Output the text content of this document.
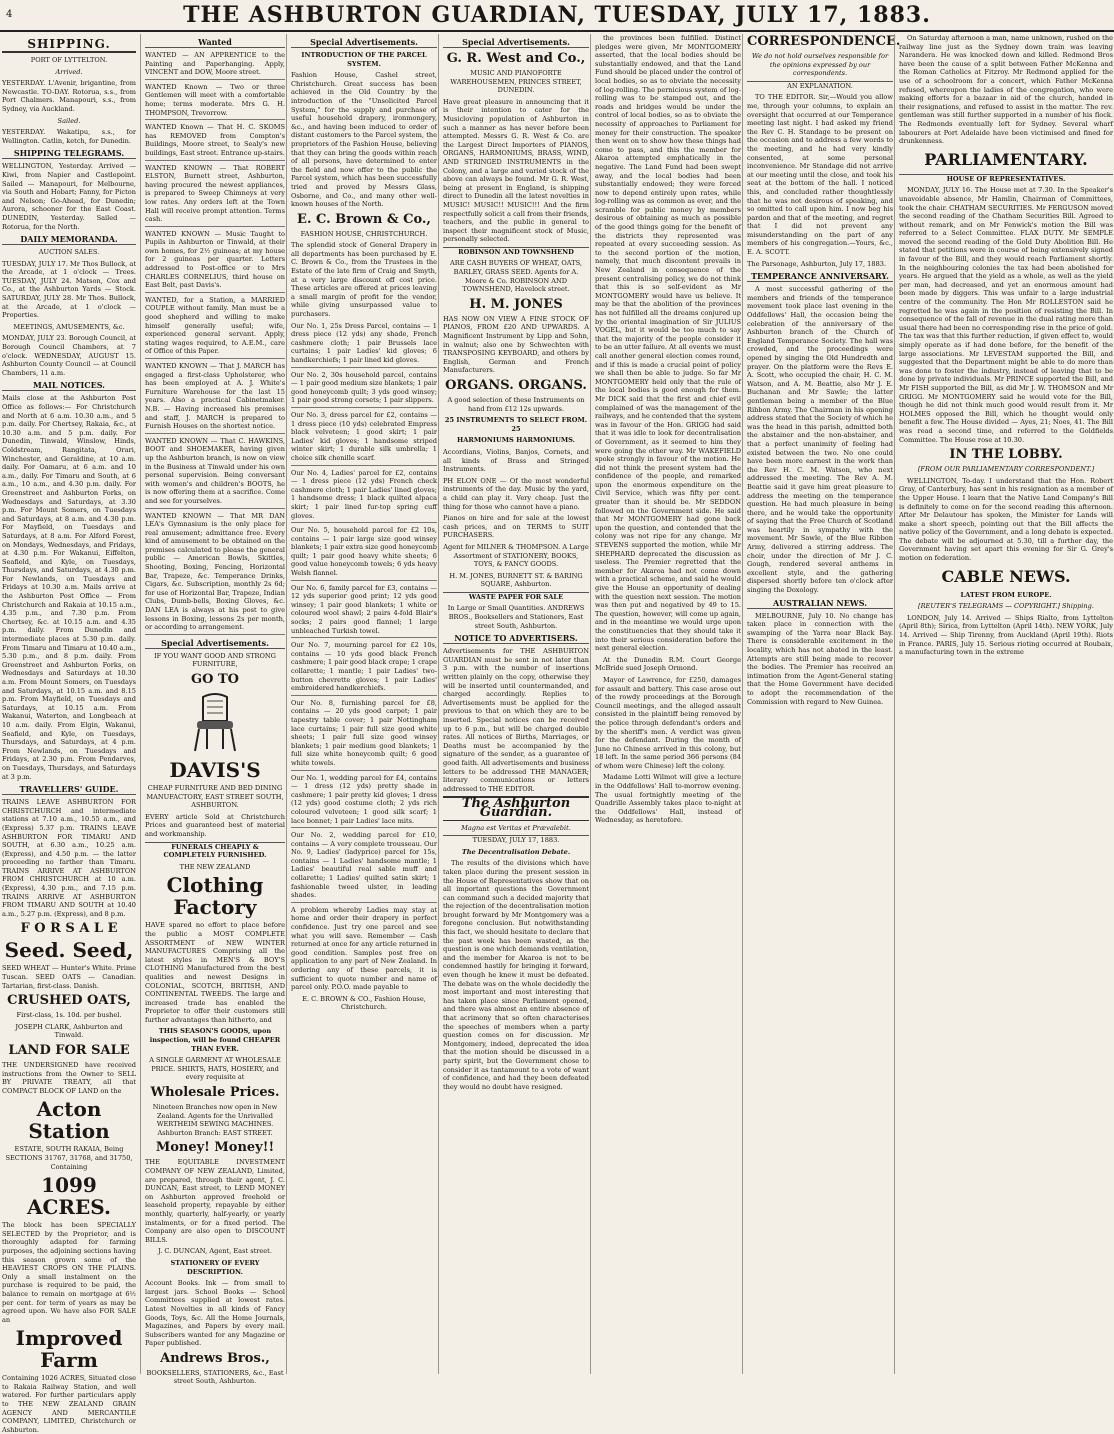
4	THE ASHBURTON GUARDIAN, TUESDAY, JULY 17, 1883.
SHIPPING.
PORT OF LYTTELTON.
Arrived.
YESTERDAY. L'Avenir, brigantine, from Newcastle. TO-DAY. Rotorua, s.s., from Port Chalmers. Manapouri, s.s., from Sydney, via Auckland.
Sailed.
YESTERDAY. Wakatipu, s.s., for Wellington. Catlin, ketch, for Dunedin.
SHIPPING TELEGRAMS.
WELLINGTON, Yesterday. Arrived — Kiwi, from Napier and Castlepoint. Sailed — Manapouri, for Melbourne, via South and Hobart; Fanny, for Picton and Nelson; Go-Ahead, for Dunedin; Aurora, schooner for the East Coast. DUNEDIN, Yesterday. Sailed — Rotorua, for the North.
DAILY MEMORANDA.
AUCTION SALES.
TUESDAY, JULY 17. Mr Thos Bullock, at the Arcade, at 1 o'clock — Trees. TUESDAY, JULY 24. Matson, Cox and Co., at the Ashburton Yards — Stock. SATURDAY, JULY 28. Mr Thos. Bullock, at the Arcade, at 1 o'clock — Properties.
MEETINGS, AMUSEMENTS, &c.
MONDAY, JULY 23. Borough Council, at Borough Council Chambers, at 7 o'clock. WEDNESDAY, AUGUST 15. Ashburton County Council — at Council Chambers, 11 a.m.
MAIL NOTICES.
Mails close at the Ashburton Post Office as follows:— For Christchurch and North at 6 a.m. 10.30 a.m., and 5 p.m. daily. For Chertsey, Rakaia, &c., at 10.30 a.m. and 5 p.m. daily. For Dunedin, Tinwald, Winslow, Hinds, Coldstream, Rangitata, Orari, Winchester, and Geraldine, at 10 a.m. daily. For Oamaru, at 6 a.m. and 10 a.m., daily. For Timaru and South, at 6 a.m., 10 a.m., and 4.30 p.m. daily. For Greenstreet and Ashburton Forks, on Wednesdays and Saturdays, at 3.30 p.m. For Mount Somers, on Tuesdays and Saturdays, at 8 a.m. and 4.30 p.m. For Mayfield, on Tuesdays and Saturdays, at 8 a.m. For Alford Forest, on Mondays, Wednesdays, and Fridays, at 4.30 p.m. For Wakanui, Eiffelton, Seafield, and Kyle, on Tuesdays, Thursdays, and Saturdays, at 4.30 p.m. For Newlands, on Tuesdays and Fridays at 10.30 a.m. Mails arrive at the Ashburton Post Office — From Christchurch and Rakaia at 10.15 a.m., 4.35 p.m., and 7.30 p.m. From Chertsey, &c. at 10.15 a.m. and 4.35 p.m. daily. From Dunedin and intermediate places at 5.30 p.m. daily. From Timaru and Timaru at 10.40 a.m., 5.30 p.m., and 8 p.m. daily. From Greenstreet and Ashburton Forks, on Wednesdays and Saturdays at 10.30 a.m. From Mount Somers, on Tuesdays and Saturdays, at 10.15 a.m. and 8.15 p.m. From Mayfield, on Tuesdays and Saturdays, at 10.15 a.m. From Wakanui, Waterton, and Longbeach at 10 a.m. daily. From Elgin, Wakanui, Seafield, and Kyle, on Tuesdays, Thursdays, and Saturdays, at 4 p.m. From Newlands, on Tuesdays and Fridays, at 2.30 p.m. From Pendarves, on Tuesdays, Thursdays, and Saturdays at 3 p.m.
TRAVELLERS' GUIDE.
TRAINS LEAVE ASHBURTON FOR CHRISTCHURCH and intermediate stations at 7.10 a.m., 10.55 a.m., and (Express) 5.37 p.m. TRAINS LEAVE ASHBURTON FOR TIMARU AND SOUTH, at 6.30 a.m., 10.25 a.m. (Express), and 4.50 p.m. — the latter proceeding no farther than Timaru. TRAINS ARRIVE AT ASHBURTON FROM CHRISTCHURCH at 10 a.m. (Express), 4.30 p.m., and 7.15 p.m. TRAINS ARRIVE AT ASHBURTON FROM TIMARU AND SOUTH at 10.40 a.m., 5.27 p.m. (Express), and 8 p.m.
F O R S A L E
Seed. Seed,
SEED WHEAT — Hunter's White. Prime Tuscan. SEED OATS — Canadian. Tartarian, first-class. Danish.
CRUSHED OATS,
First-class, 1s. 10d. per bushel.
JOSEPH CLARK, Ashburton and Tinwald.
LAND FOR SALE
THE UNDERSIGNED have received instructions from the Owner to SELL BY PRIVATE TREATY, all that COMPACT BLOCK OF LAND on the
Acton Station
ESTATE, SOUTH RAKAIA, Being SECTIONS 31767, 31768, and 31750, Containing
1099 ACRES.
The block has been SPECIALLY SELECTED by the Proprietor, and is thoroughly adapted for farming purposes, the adjoining sections having this season grown some of the HEAVIEST CROPS ON THE PLAINS. Only a small instalment on the purchase is required to be paid, the balance to remain on mortgage at 6½ per cent. for term of years as may be agreed upon. We have also FOR SALE an
Improved Farm
Containing 1026 ACRES, Situated close to Rakaia Railway Station, and well watered. For further particulars apply to THE NEW ZEALAND GRAIN AGENCY AND MERCANTILE COMPANY, LIMITED, Christchurch or Ashburton.
Wanted
WANTED — AN APPRENTICE to the Painting and Paperhanging. Apply, VINCENT and DOW, Moore street.
WANTED Known — Two or three Gentlemen will meet with a comfortable home; terms moderate. Mrs G. H. THOMPSON, Trevorrow.
WANTED Known — That H. C. SKOMS has REMOVED from Compton's Buildings, Moore street, to Sealy's new buildings, East street. Entrance up-stairs.
WANTED KNOWN — That ROBERT ELSTON, Burnett street, Ashburton, having procured the newest appliances, is prepared to Sweep Chimneys at very low rates. Any orders left at the Town Hall will receive prompt attention. Terms cash.
WANTED KNOWN — Music Taught to Pupils in Ashburton or Tinwald, at their own homes, for 2½ guineas; at my house for 2 guineas per quarter. Letters addressed to Post-office or to Mrs CHARLES CORNELIUS, third house on East Belt, past Davis's.
WANTED, for a Station, a MARRIED COUPLE without family. Man must be a good shepherd and willing to make himself generally useful; wife, experienced general servant. Apply, stating wages required, to A.E.M., care of Office of this Paper.
WANTED KNOWN — That J. MARCH has engaged a first-class Upholsterer, who has been employed at A. J. White's Furniture Warehouse for the last 15 years. Also a practical Cabinetmaker. N.B. — Having increased his premises and staff, J. MARCH is prepared to Furnish Houses on the shortest notice.
WANTED KNOWN — That C. HAWKINS, BOOT and SHOEMAKER, having given up the Ashburton branch, is now on view in the Business at Tinwald under his own personal supervision. Being conversant with women's and children's BOOTS, he is now offering them at a sacrifice. Come and see for yourselves.
WANTED KNOWN — That MR DAN LEA's Gymnasium is the only place for real amusement; admittance free. Every kind of amusement to be obtained on the premises calculated to please the general public — American Bowls, Skittles, Shooting, Boxing, Fencing, Horizontal Bar, Trapeze, &c. Temperance Drinks, Cigars, &c. Subscription, monthly 2s 6d; for use of Horizontal Bar, Trapeze, Indian Clubs, Dumb-bells, Boxing Gloves, &c. DAN LEA is always at his post to give lessons in Boxing, lessons 2s per month, or according to arrangement.
Special Advertisements.
IF YOU WANT GOOD AND STRONG FURNITURE,
GO TO
DAVIS'S
CHEAP FURNITURE AND BED DINING MANUFACTORY, EAST STREET SOUTH, ASHBURTON.
EVERY article Sold at Christchurch Prices and guaranteed best of material and workmanship.
FUNERALS CHEAPLY & COMPLETELY FURNISHED.
THE NEW ZEALAND
Clothing Factory
HAVE spared no effort to place before the public a MOST COMPLETE ASSORTMENT of NEW WINTER MANUFACTURES Comprising all the latest styles in MEN'S & BOY'S CLOTHING Manufactured from the best qualities and newest Designs in COLONIAL, SCOTCH, BRITISH, AND CONTINENTAL TWEEDS. The large and increased trade has enabled the Proprietor to offer their customers still further advantages than hitherto, and
THIS SEASON'S GOODS, upon inspection, will be found CHEAPER THAN EVER.
A SINGLE GARMENT AT WHOLESALE PRICE. SHIRTS, HATS, HOSIERY, and every requisite at
Wholesale Prices.
Nineteen Branches now open in New Zealand. Agents for the Unrivalled WERTHEIM SEWING MACHINES. Ashburton Branch: EAST STREET.
Money! Money!!
THE EQUITABLE INVESTMENT COMPANY OF NEW ZEALAND, Limited, are prepared, through their agent, J. C. DUNCAN, East street, to LEND MONEY on Ashburton approved freehold or leasehold property, repayable by either monthly, quarterly, half-yearly, or yearly instalments, or for a fixed period. The Company are also open to DISCOUNT BILLS.
J. C. DUNCAN, Agent, East street.
STATIONERY OF EVERY DESCRIPTION.
Account Books. Ink — from small to largest jars. School Books — School Committees supplied at lowest rates. Latest Novelties in all kinds of Fancy Goods, Toys, &c. All the Home Journals, Magazines, and Papers by every mail. Subscribers wanted for any Magazine or Paper published.
Andrews Bros.,
BOOKSELLERS, STATIONERS, &c., East street South, Ashburton.
Special Advertisements.
INTRODUCTION OF THE PARCEL SYSTEM.
Fashion House, Cashel street, Christchurch. Great success has been achieved in the Old Country by the introduction of the "Unsolicited Parcel System," for the supply and purchase of useful household drapery, ironmongery, &c., and having been induced to order of distant customers to the Parcel system, the proprietors of the Fashion House, believing that they can bring the goods within reach of all persons, have determined to enter the field and now offer to the public the Parcel system, which has been successfully tried and proved by Messrs Glass, Osborne, and Co., and many other well-known houses of the North.
E. C. Brown & Co.,
FASHION HOUSE, CHRISTCHURCH.
The splendid stock of General Drapery in all departments has been purchased by E. C. Brown & Co., from the Trustees in the Estate of the late firm of Craig and Smyth, at a very large discount off cost price. These articles are offered at prices leaving a small margin of profit for the vendor, while giving unsurpassed value to purchasers.
Our No. 1, 25s Dress Parcel, contains — 1 dress piece (12 yds) any shade, French cashmere cloth; 1 pair Brussels lace curtains; 1 pair Ladies' kid gloves; 6 handkerchiefs; 1 pair lined kid gloves.
Our No. 2, 30s household parcel, contains — 1 pair good medium size blankets; 1 pair good honeycomb quilt; 3 yds good winsey; 1 pair good strong corsets; 1 pair slippers.
Our No. 3, dress parcel for £2, contains — 1 dress piece (10 yds) celebrated Empress black velveteen; 1 good skirt; 1 pair Ladies' kid gloves; 1 handsome striped winter skirt; 1 durable silk umbrella; 1 choice silk chenille scarf.
Our No. 4, Ladies' parcel for £2, contains — 1 dress piece (12 yds) French check cashmere cloth; 1 pair Ladies' lined gloves; 1 handsome dress; 1 black quilted alpaca skirt; 1 pair lined fur-top spring cuff gloves.
Our No. 5, household parcel for £2 10s, contains — 1 pair large size good winsey blankets; 1 pair extra size good honeycomb quilt; 1 pair good heavy white sheets; 6 good value honeycomb towels; 6 yds heavy Welsh flannel.
Our No. 6, family parcel for £3, contains — 12 yds superior good print; 12 yds good winsey; 1 pair good blankets; 1 white or coloured wool shawl; 2 pairs 4-fold Blair's socks; 2 pairs good flannel; 1 large unbleached Turkish towel.
Our No. 7, mourning parcel for £2 10s, contains — 10 yds good black French cashmere; 1 pair good black crape; 1 crape collarette; 1 mantle; 1 pair Ladies' two-button chevrette gloves; 1 pair Ladies' embroidered handkerchiefs.
Our No. 8, furnishing parcel for £8, contains — 20 yds good carpet; 1 pair tapestry table cover; 1 pair Nottingham lace curtains; 1 pair full size good white sheets; 1 pair full size good winsey blankets; 1 pair medium good blankets; 1 full size white honeycomb quilt; 6 good white towels.
Our No. 1, wedding parcel for £4, contains — 1 dress (12 yds) pretty shade in cashmere; 1 pair pretty kid gloves; 1 dress (12 yds) good costume cloth; 2 yds rich coloured velveteen; 1 good silk scarf; 1 lace bonnet; 1 pair Ladies' lace mits.
Our No. 2, wedding parcel for £10, contains — A very complete trousseau. Our No. 9, Ladies' (ladyprice) parcel for 15s, contains — 1 Ladies' handsome mantle; 1 Ladies' beautiful real sable muff and collarette; 1 Ladies' quilted satin skirt; 1 fashionable tweed ulster, in leading shades.
A problem whereby Ladies may stay at home and order their drapery in perfect confidence. Just try one parcel and see what you will save. Remember — Cash returned at once for any article returned in good condition. Samples post free on application to any part of New Zealand. In ordering any of these parcels, it is sufficient to quote number and name of parcel only. P.O.O. made payable to
E. C. BROWN & CO., Fashion House, Christchurch.
Special Advertisements.
G. R. West and Co.,
MUSIC AND PIANOFORTE WAREHOUSEMEN, PRINCES STREET, DUNEDIN.
Have great pleasure in announcing that it is their intention to cater for the Musicloving population of Ashburton in such a manner as has never before been attempted. Messrs G. R. West & Co. are the Largest Direct Importers of PIANOS, ORGANS, HARMONIUMS, BRASS, WIND, AND STRINGED INSTRUMENTS in the Colony, and a large and varied stock of the above can always be found. Mr G. R. West, being at present in England, is shipping direct to Dunedin all the latest novelties in MUSIC! MUSIC!! MUSIC!!! And the firm respectfully solicit a call from their friends, teachers, and the public in general to inspect their magnificent stock of Music, personally selected.
ROBINSON AND TOWNSHEND
ARE CASH BUYERS OF WHEAT, OATS, BARLEY, GRASS SEED. Agents for A. Moore & Co. ROBINSON AND TOWNSHEND, Havelock street.
H. M. JONES
HAS NOW ON VIEW A FINE STOCK OF PIANOS, FROM £20 AND UPWARDS. A Magnificent Instrument by Lipp and Sohn, in walnut; also one by Schwechten with TRANSPOSING KEYBOARD, and others by English, German and French Manufacturers.
ORGANS. ORGANS.
A good selection of these Instruments on hand from £12 12s upwards.
25 INSTRUMENTS TO SELECT FROM. 25
HARMONIUMS HARMONIUMS.
Accordians, Violins, Banjos, Cornets, and all kinds of Brass and Stringed Instruments.
PH ELON ONE — Of the most wonderful instruments of the day. Music by the yard, a child can play it. Very cheap. Just the thing for those who cannot have a piano.
Pianos on hire and for sale at the lowest cash prices, and on TERMS to SUIT PURCHASERS.
Agent for MILNER & THOMPSON. A Large Assortment of STATIONERY, BOOKS, TOYS, & FANCY GOODS.
H. M. JONES, BURNETT ST. & BARING SQUARE, Ashburton.
WASTE PAPER FOR SALE
In Large or Small Quantities. ANDREWS BROS., Booksellers and Stationers, East street South, Ashburton.
NOTICE TO ADVERTISERS.
Advertisements for THE ASHBURTON GUARDIAN must be sent in not later than 3 p.m. with the number of insertions written plainly on the copy, otherwise they will be inserted until countermanded, and charged accordingly. Replies to Advertisements must be applied for the previous to that on which they are to be inserted. Special notices can be received up to 6 p.m., but will be charged double rates. All notices of Births, Marriages, or Deaths must be accompanied by the signature of the sender, as a guarantee of good faith. All advertisements and business letters to be addressed THE MANAGER; literary communications or letters addressed to THE EDITOR.
The Ashburton Guardian.
Magna est Veritas et Prævalebit.
TUESDAY, JULY 17, 1883.
The Decentralisation Debate.
The results of the divisions which have taken place during the present session in the House of Representatives show that on all important questions the Government can command such a decided majority that the rejection of the decentralisation motion brought forward by Mr Montgomery was a foregone conclusion. But notwithstanding this fact, we should hesitate to declare that the past week has been wasted, as the question is one which demands ventilation, and the member for Akaroa is not to be condemned hastily for bringing it forward, even though he knew it must be defeated. The debate was on the whole decidedly the most important and most interesting that has taken place since Parliament opened, and there was almost an entire absence of that acrimony that so often characterises the speeches of members when a party question comes on for discussion. Mr Montgomery, indeed, deprecated the idea that the motion should be discussed in a party spirit, but the Government chose to consider it as tantamount to a vote of want of confidence, and had they been defeated they would no doubt have resigned.
the provinces been fulfilled. Distinct pledges were given, Mr MONTGOMERY asserted, that the local bodies should be substantially endowed, and that the Land Fund should be placed under the control of local bodies, so as to obviate the necessity of log-rolling. The pernicious system of log-rolling was to be stamped out, and the roads and bridges would be under the control of local bodies, so as to obviate the necessity of approaches to Parliament for money for their construction. The speaker then went on to show how these things had come to pass, and this the member for Akaroa attempted emphatically in the negative. The Land Fund had been swept away, and the local bodies had been substantially endowed; they were forced now to depend entirely upon rates, while log-rolling was as common as ever, and the scramble for public money by members desirous of obtaining as much as possible of the good things going for the benefit of the districts they represented was repeated at every succeeding session. As to the second portion of the motion, namely, that much discontent prevails in New Zealand in consequence of the present centralising policy, we do not think that this is so self-evident as Mr MONTGOMERY would have us believe. It may be that the abolition of the provinces has not fulfilled all the dreams conjured up by the oriental imagination of Sir JULIUS VOGEL, but it would be too much to say that the majority of the people consider it to be an utter failure. At all events we must call another general election comes round, and if this is made a crucial point of policy we shall then be able to judge. So far Mr MONTGOMERY held only that the rule of the local bodies is good enough for them. Mr DICK said that the first and chief evil complained of was the management of the railways, and he contended that the system was in favour of the Hon. GRIGG had said that it was idle to look for decentralisation of Government, as it seemed to him they were going the other way. Mr WAKEFIELD spoke strongly in favour of the motion. He did not think the present system had the confidence of the people, and remarked upon the enormous expenditure on the Civil Service, which was fifty per cent. greater than it should be. Mr SEDDON followed on the Government side. He said that Mr MONTGOMERY had gone back upon the question, and contended that the colony was not ripe for any change. Mr STEVENS supported the motion, while Mr SHEPHARD deprecated the discussion as useless. The Premier regretted that the member for Akaroa had not come down with a practical scheme, and said he would give the House an opportunity of dealing with the question next session. The motion was then put and negatived by 49 to 15. The question, however, will come up again, and in the meantime we would urge upon the constituencies that they should take it into their serious consideration before the next general election.
At the Dunedin R.M. Court George McBride sued Joseph Ormond.
Mayor of Lawrence, for £250, damages for assault and battery. This case arose out of the rowdy proceedings at the Borough Council meetings, and the alleged assault consisted in the plaintiff being removed by the police through defendant's orders and by the sheriff's men. A verdict was given for the defendant. During the month of June no Chinese arrived in this colony, but 18 left. In the same period 366 persons (84 of whom were Chinese) left the colony.
Madame Lotti Wilmot will give a lecture in the Oddfellows' Hall to-morrow evening. The usual fortnightly meeting of the Quadrille Assembly takes place to-night at the Oddfellows' Hall, instead of Wednesday, as heretofore.
CORRESPONDENCE.
We do not hold ourselves responsible for the opinions expressed by our correspondents.
AN EXPLANATION.
TO THE EDITOR. Sir,—Would you allow me, through your columns, to explain an oversight that occurred at our Temperance meeting last night. I had asked my friend the Rev C. H. Standage to be present on the occasion and to address a few words to the meeting, and he had very kindly consented, at some personal inconvenience. Mr Standage did not arrive at our meeting until the close, and took his seat at the bottom of the hall. I noticed this, and concluded rather thoughtlessly that he was not desirous of speaking, and so omitted to call upon him. I now beg his pardon and that of the meeting, and regret that I did not prevent any misunderstanding on the part of any members of his congregation.—Yours, &c., E. A. SCOTT.
The Parsonage, Ashburton, July 17, 1883.
TEMPERANCE ANNIVERSARY.
A most successful gathering of the members and friends of the temperance movement took place last evening in the Oddfellows' Hall, the occasion being the celebration of the anniversary of the Ashburton branch of the Church of England Temperance Society. The hall was crowded, and the proceedings were opened by singing the Old Hundredth and prayer. On the platform were the Revs E. A. Scott, who occupied the chair, H. C. M. Watson, and A. M. Beattie, also Mr J. E. Buchanan and Mr Sawle; the latter gentleman being a member of the Blue Ribbon Army. The Chairman in his opening address stated that the Society of which he was the head in this parish, admitted both the abstainer and the non-abstainer, and that a perfect unanimity of feeling had existed between the two. No one could have been more earnest in the work than the Rev H. C. M. Watson, who next addressed the meeting. The Rev A. M. Beattie said it gave him great pleasure to address the meeting on the temperance question. He had much pleasure in being there, and he would take the opportunity of saying that the Free Church of Scotland was heartily in sympathy with the movement. Mr Sawle, of the Blue Ribbon Army, delivered a stirring address. The choir, under the direction of Mr J. C. Gough, rendered several anthems in excellent style, and the gathering dispersed shortly before ten o'clock after singing the Doxology.
AUSTRALIAN NEWS.
MELBOURNE, July 10. No change has taken place in connection with the swamping of the Yarra near Black Bay. There is considerable excitement in the locality, which has not abated in the least. Attempts are still being made to recover the bodies. The Premier has received an intimation from the Agent-General stating that the Home Government have decided to adopt the recommendation of the Commission with regard to New Guinea.
On Saturday afternoon a man, name unknown, rushed on the railway line just as the Sydney down train was leaving Narandera. He was knocked down and killed. Redmond Bros have been the cause of a split between Father McKenna and the Roman Catholics at Fitzroy. Mr Redmond applied for the use of a schoolroom for a concert, which Father McKenna refused, whereupon the ladies of the congregation, who were making efforts for a bazaar in aid of the church, handed in their resignations, and refused to assist in the matter. The rev. gentleman was still further supported in a number of his flock. The Redmonds eventually left for Sydney. Several wharf labourers at Port Adelaide have been victimised and fined for drunkenness.
PARLIAMENTARY.
HOUSE OF REPRESENTATIVES.
MONDAY, JULY 16. The House met at 7.30. In the Speaker's unavoidable absence, Mr Hamlin, Chairman of Committees, took the chair. CHATHAM SECURITIES. Mr FERGUSON moved the second reading of the Chatham Securities Bill. Agreed to without remark, and on Mr Fenwick's motion the Bill was referred to a Select Committee. FLAX DUTY. Mr SEMPLE moved the second reading of the Gold Duty Abolition Bill. He stated that petitions were in course of being extensively signed in favour of the Bill, and they would reach Parliament shortly. In the neighbouring colonies the tax had been abolished for years. He argued that the yield as a whole, as well as the yield per man, had decreased, and yet an enormous amount had been made by diggers. This was unfair to a large industrial centre of the community. The Hon Mr ROLLESTON said he regretted he was again in the position of resisting the Bill. In consequence of the fall of revenue in the dual rating more than usual there had been no corresponding rise in the price of gold. The tax was that this further reduction, if given effect to, would simply operate as if had done before, for the benefit of the large associations. Mr LEVESTAM supported the Bill, and suggested that the Department might be able to do more than was done to foster the industry, instead of leaving that to be done by private individuals. Mr PRINCE supported the Bill, and Mr FISH supported the Bill, as did Mr J. W. THOMSON and Mr GRIGG. Mr MONTGOMERY said he would vote for the Bill, though he did not think much good would result from it. Mr HOLMES opposed the Bill, which he thought would only benefit a few. The House divided — Ayes, 21; Noes, 41. The Bill was read a second time, and referred to the Goldfields Committee. The House rose at 10.30.
IN THE LOBBY.
[FROM OUR PARLIAMENTARY CORRESPONDENT.]
WELLINGTON, To-day. I understand that the Hon. Robert Gray, of Canterbury, has sent in his resignation as a member of the Upper House. I learn that the Native Land Company's Bill is definitely to come on for the second reading this afternoon. After Mr Delautour has spoken, the Minister for Lands will make a short speech, pointing out that the Bill affects the native policy of the Government, and a long debate is expected. The debate will be adjourned at 5.30, till a further day, the Government having set apart this evening for Sir G. Grey's motion on federation.
CABLE NEWS.
LATEST FROM EUROPE.
[REUTER'S TELEGRAMS — COPYRIGHT.] Shipping.
LONDON, July 14. Arrived — Ships Rialto, from Lyttelton (April 8th); Sirica, from Lyttelton (April 14th). NEW YORK, July 14. Arrived — Ship Tirenny, from Auckland (April 19th). Riots in France. PARIS, July 15. Serious rioting occurred at Roubaix, a manufacturing town in the extreme
